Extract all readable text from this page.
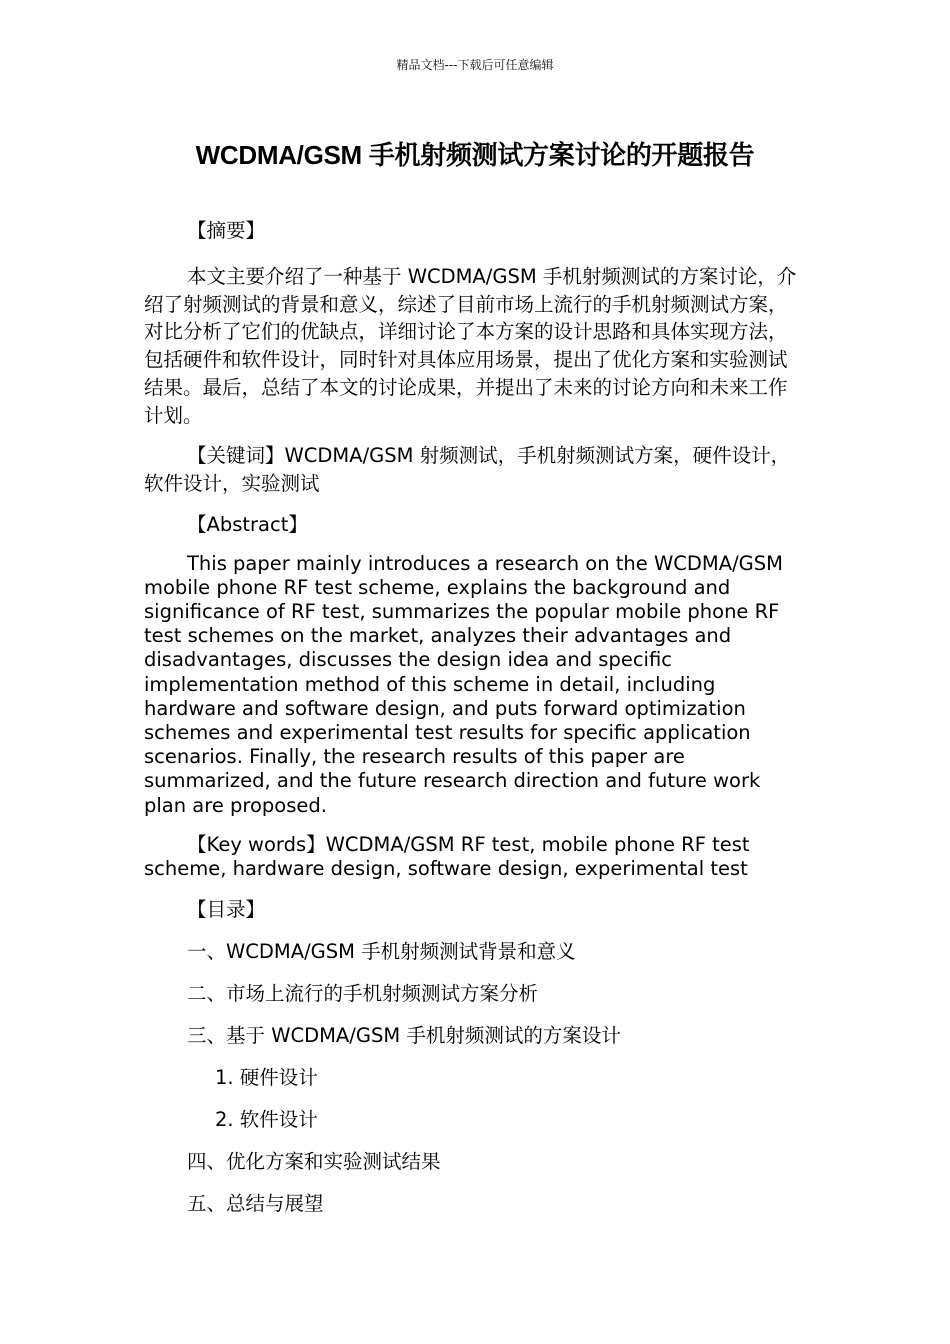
精品文档---下载后可任意编辑
WCDMA/GSM 手机射频测试方案讨论的开题报告

【摘要】

本文主要介绍了一种基于 WCDMA/GSM 手机射频测试的方案讨论，介绍了射频测试的背景和意义，综述了目前市场上流行的手机射频测试方案，对比分析了它们的优缺点，详细讨论了本方案的设计思路和具体实现方法，包括硬件和软件设计，同时针对具体应用场景，提出了优化方案和实验测试结果。最后，总结了本文的讨论成果，并提出了未来的讨论方向和未来工作计划。

【关键词】WCDMA/GSM 射频测试，手机射频测试方案，硬件设计，软件设计，实验测试

【Abstract】

This paper mainly introduces a research on the WCDMA/GSM mobile phone RF test scheme, explains the background and significance of RF test, summarizes the popular mobile phone RF test schemes on the market, analyzes their advantages and disadvantages, discusses the design idea and specific implementation method of this scheme in detail, including hardware and software design, and puts forward optimization schemes and experimental test results for specific application scenarios. Finally, the research results of this paper are summarized, and the future research direction and future work plan are proposed.

【Key words】WCDMA/GSM RF test, mobile phone RF test scheme, hardware design, software design, experimental test

【目录】

一、WCDMA/GSM 手机射频测试背景和意义

二、市场上流行的手机射频测试方案分析

三、基于 WCDMA/GSM 手机射频测试的方案设计

1. 硬件设计

2. 软件设计

四、优化方案和实验测试结果

五、总结与展望
